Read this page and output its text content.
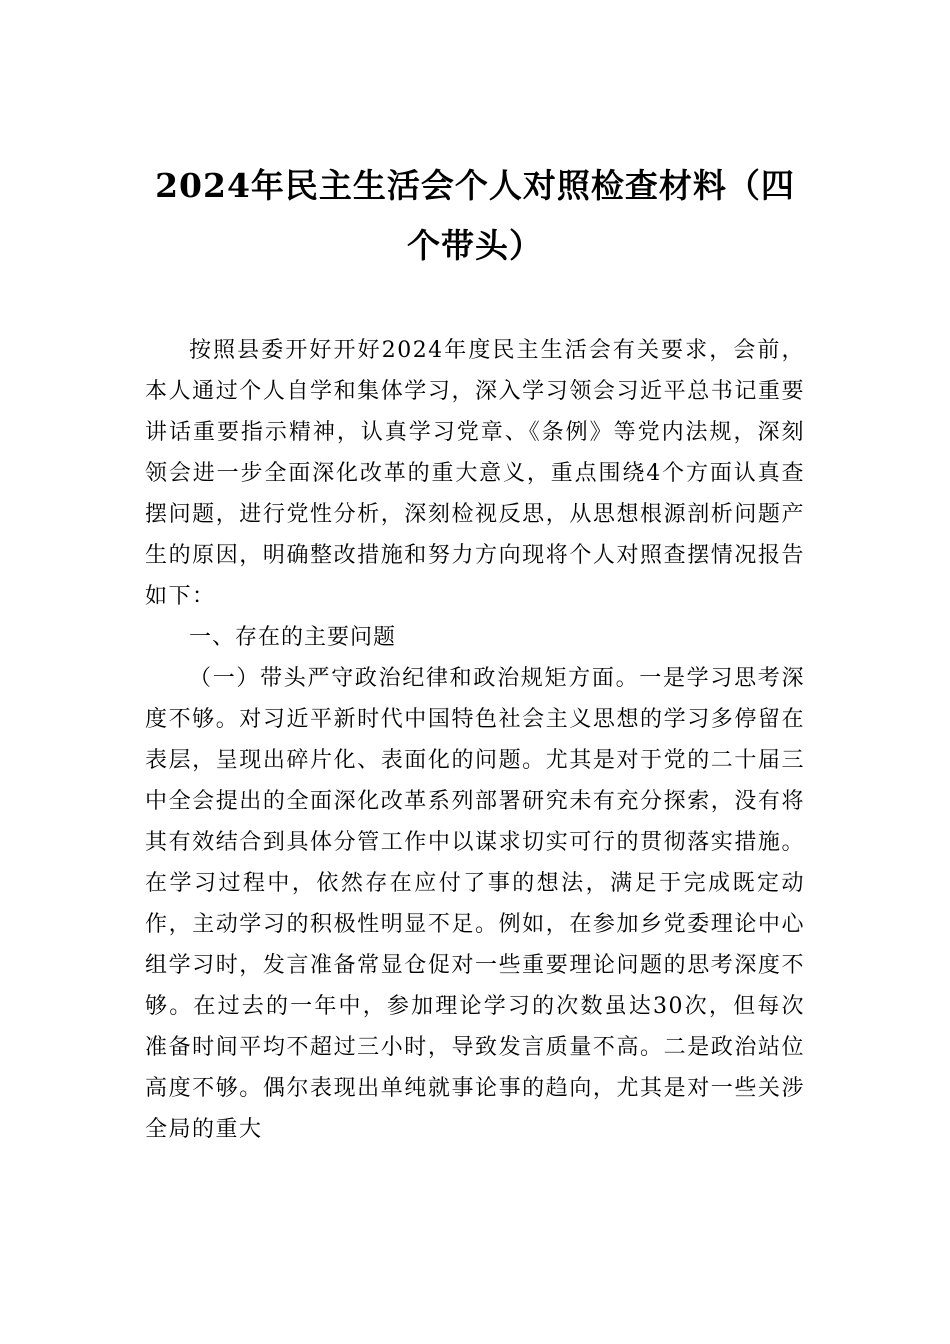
2024年民主生活会个人对照检查材料（四
个带头）

按照县委开好开好2024年度民主生活会有关要求，会前，本人通过个人自学和集体学习，深入学习领会习近平总书记重要讲话重要指示精神，认真学习党章、《条例》等党内法规，深刻领会进一步全面深化改革的重大意义，重点围绕4个方面认真查摆问题，进行党性分析，深刻检视反思，从思想根源剖析问题产生的原因，明确整改措施和努力方向现将个人对照查摆情况报告如下：

一、存在的主要问题

（一）带头严守政治纪律和政治规矩方面。一是学习思考深度不够。对习近平新时代中国特色社会主义思想的学习多停留在表层，呈现出碎片化、表面化的问题。尤其是对于党的二十届三中全会提出的全面深化改革系列部署研究未有充分探索，没有将其有效结合到具体分管工作中以谋求切实可行的贯彻落实措施。在学习过程中，依然存在应付了事的想法，满足于完成既定动作，主动学习的积极性明显不足。例如，在参加乡党委理论中心组学习时，发言准备常显仓促对一些重要理论问题的思考深度不够。在过去的一年中，参加理论学习的次数虽达30次，但每次准备时间平均不超过三小时，导致发言质量不高。二是政治站位高度不够。偶尔表现出单纯就事论事的趋向，尤其是对一些关涉全局的重大
